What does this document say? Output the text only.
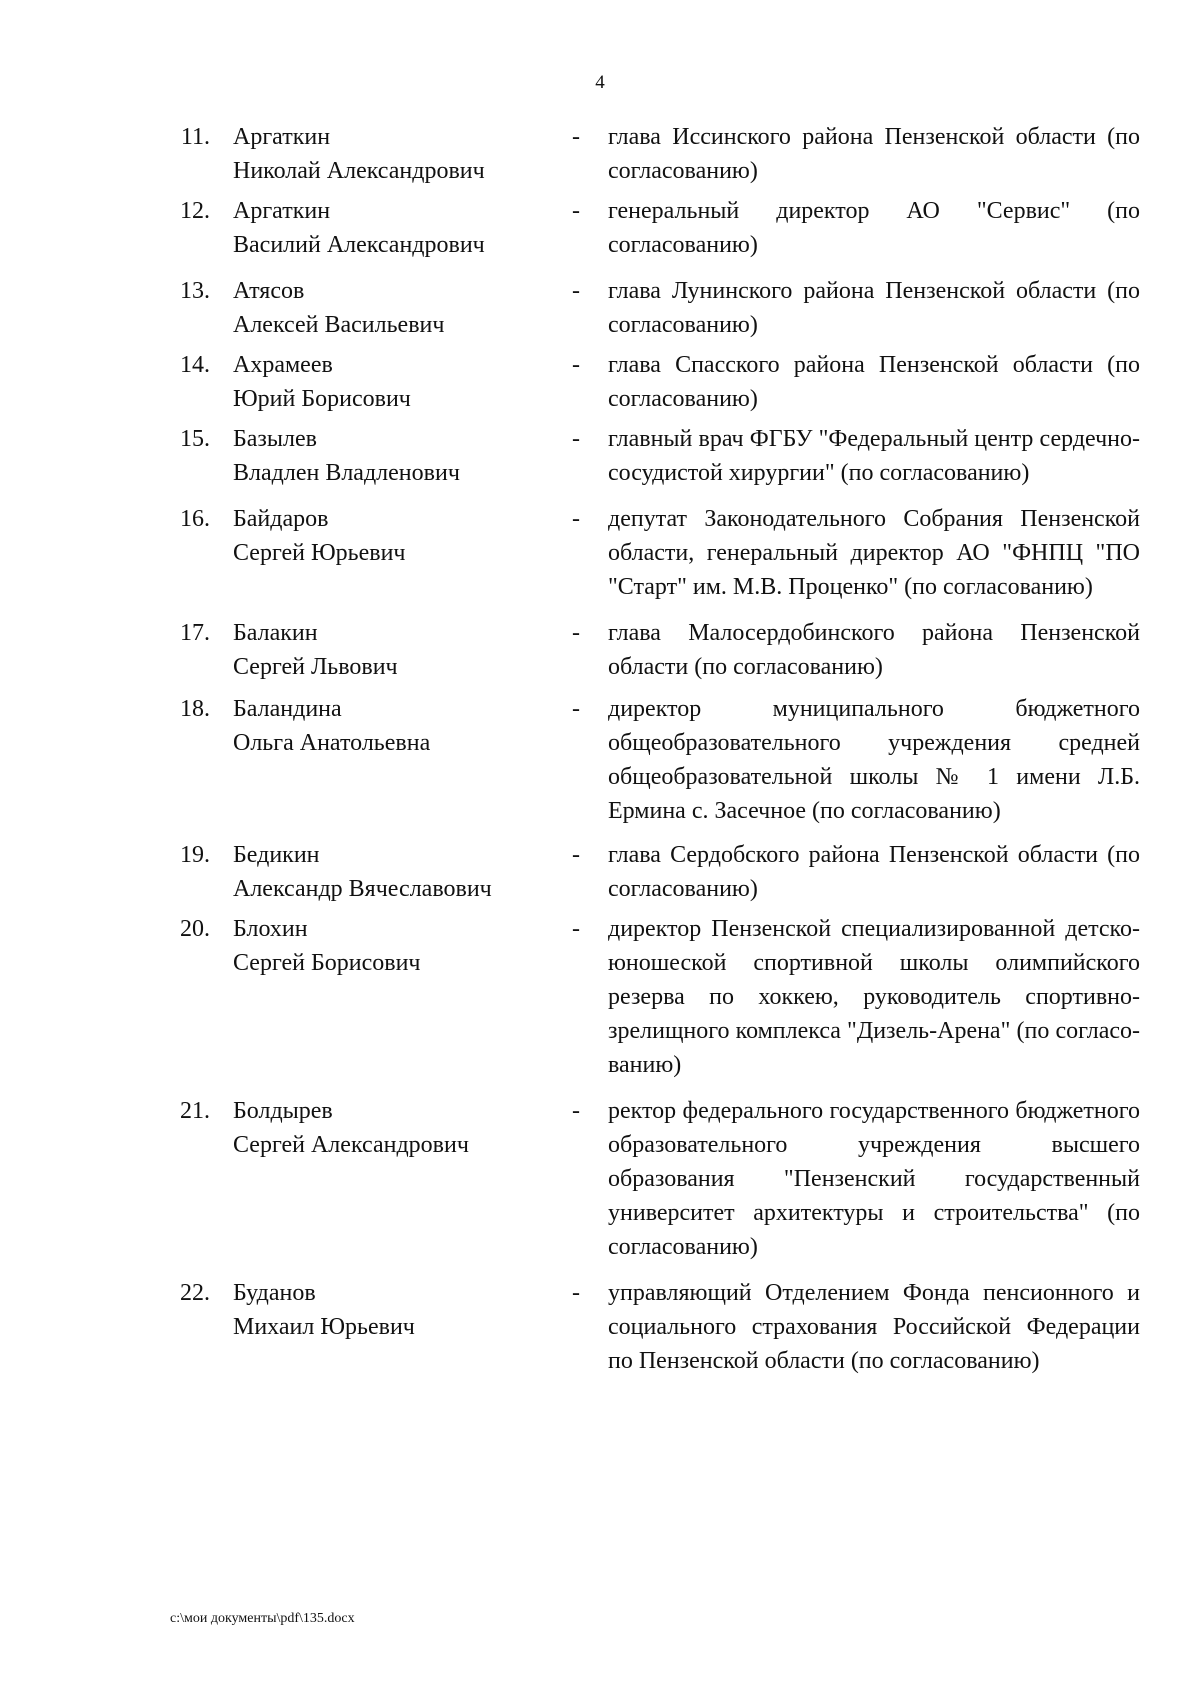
4
11. Аргаткин
Николай Александрович
-	глава Иссинского района Пензенской области (по согласованию)
12. Аргаткин
Василий Александрович
-	генеральный директор АО "Сервис" (по согласованию)
13. Атясов
Алексей Васильевич
-	глава Лунинского района Пензенской области (по согласованию)
14. Ахрамеев
Юрий Борисович
-	глава Спасского района Пензенской области (по согласованию)
15. Базылев
Владлен Владленович
-	главный врач ФГБУ "Федеральный центр сердечно-сосудистой хирургии" (по согласованию)
16. Байдаров
Сергей Юрьевич
-	депутат Законодательного Собрания Пензенской области, генеральный директор АО "ФНПЦ "ПО "Старт" им. М.В. Проценко" (по согласованию)
17. Балакин
Сергей Львович
-	глава Малосердобинского района Пензенской области (по согласованию)
18. Баландина
Ольга Анатольевна
-	директор муниципального бюджетного общеобразовательного учреждения средней общеобразовательной школы № 1 имени Л.Б. Ермина с. Засечное (по согласованию)
19. Бедикин
Александр Вячеславович
-	глава Сердобского района Пензенской области (по согласованию)
20. Блохин
Сергей Борисович
-	директор Пензенской специализированной детско-юношеской спортивной школы олимпийского резерва по хоккею, руководитель спортивно-зрелищного комплекса "Дизель-Арена" (по согласо-ванию)
21. Болдырев
Сергей Александрович
-	ректор федерального государственного бюджетного образовательного учреждения высшего образования "Пензенский государственный университет архитектуры и строительства" (по согласованию)
22. Буданов
Михаил Юрьевич
-	управляющий Отделением Фонда пенсионного и социального страхования Российской Федерации по Пензенской области (по согласованию)
c:\мои документы\pdf\135.docx
